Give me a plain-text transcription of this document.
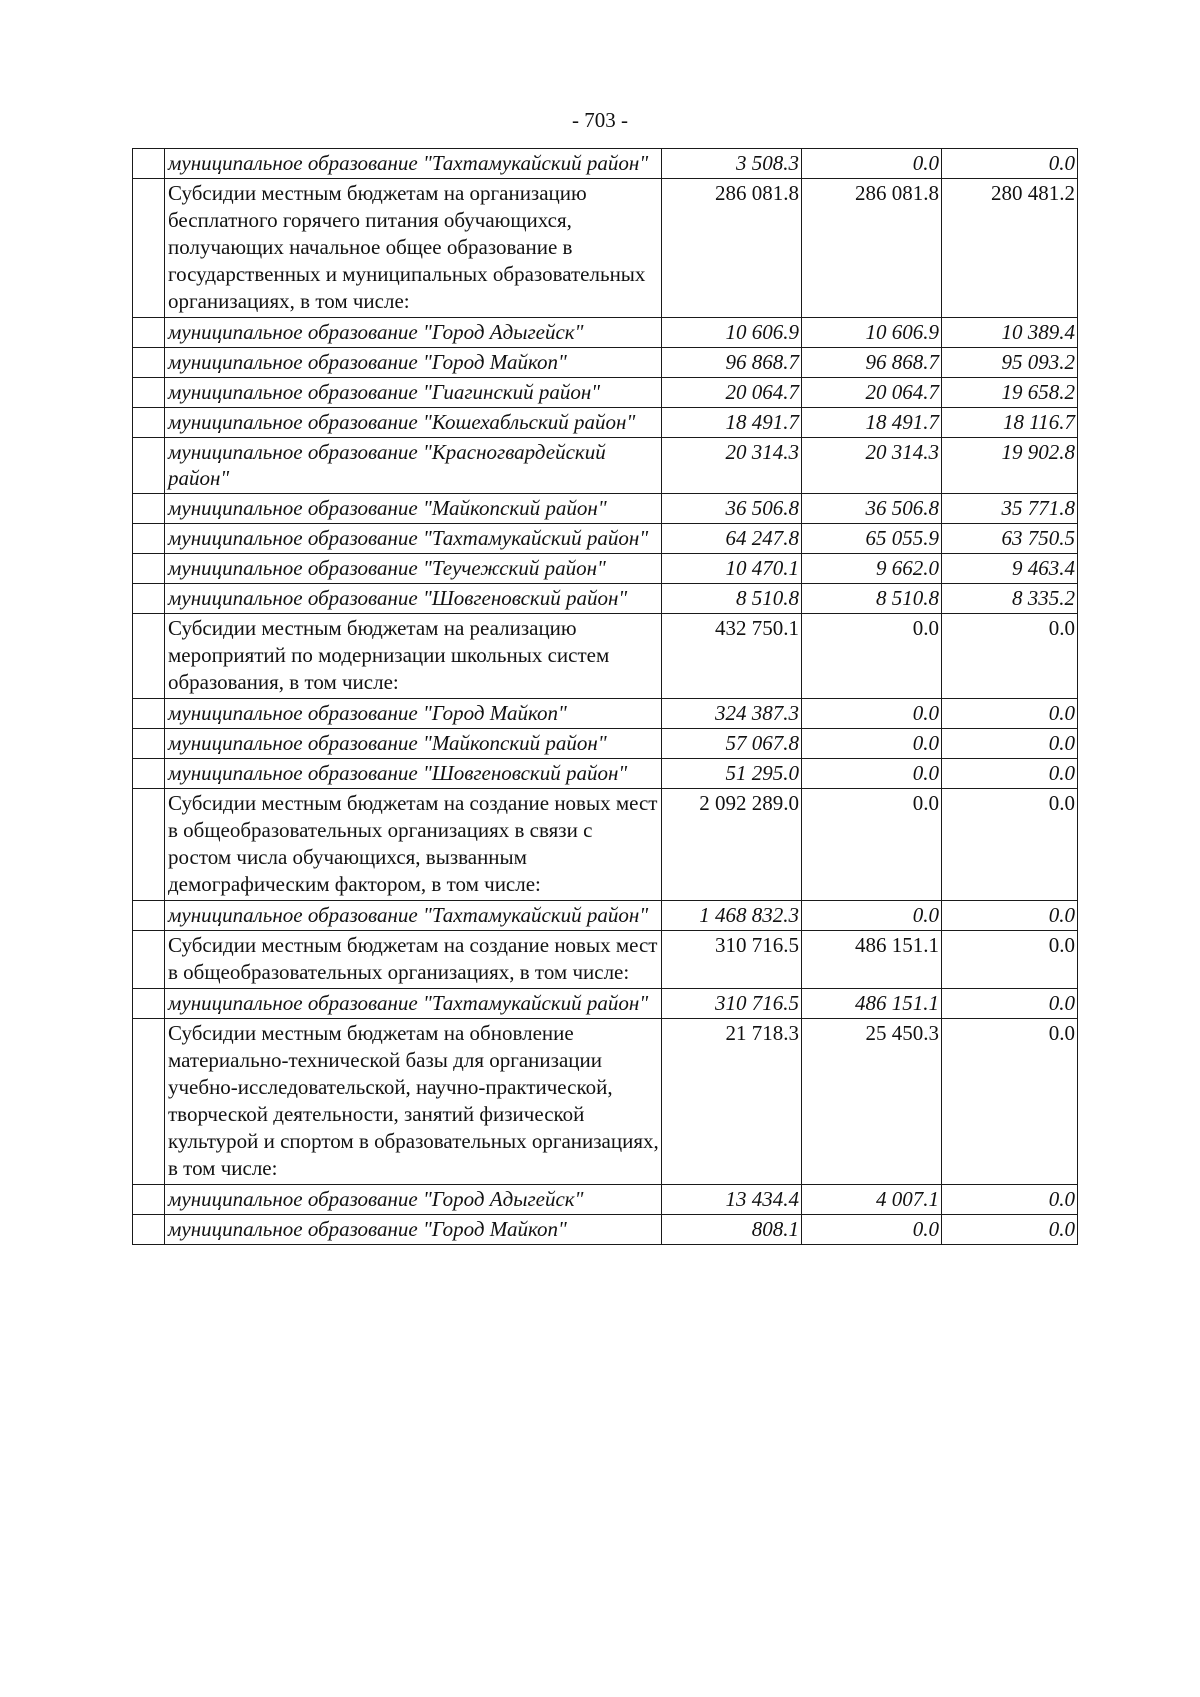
- 703 -
	муниципальное образование "Тахтамукайский район"	3 508.3	0.0	0.0
	Субсидии местным бюджетам на организацию бесплатного горячего питания обучающихся, получающих начальное общее образование в государственных и муниципальных образовательных организациях, в том числе:	286 081.8	286 081.8	280 481.2
	муниципальное образование "Город Адыгейск"	10 606.9	10 606.9	10 389.4
	муниципальное образование "Город Майкоп"	96 868.7	96 868.7	95 093.2
	муниципальное образование "Гиагинский район"	20 064.7	20 064.7	19 658.2
	муниципальное образование "Кошехабльский район"	18 491.7	18 491.7	18 116.7
	муниципальное образование "Красногвардейский район"	20 314.3	20 314.3	19 902.8
	муниципальное образование "Майкопский район"	36 506.8	36 506.8	35 771.8
	муниципальное образование "Тахтамукайский район"	64 247.8	65 055.9	63 750.5
	муниципальное образование "Теучежский район"	10 470.1	9 662.0	9 463.4
	муниципальное образование "Шовгеновский район"	8 510.8	8 510.8	8 335.2
	Субсидии местным бюджетам на реализацию мероприятий по модернизации школьных систем образования, в том числе:	432 750.1	0.0	0.0
	муниципальное образование "Город Майкоп"	324 387.3	0.0	0.0
	муниципальное образование "Майкопский район"	57 067.8	0.0	0.0
	муниципальное образование "Шовгеновский район"	51 295.0	0.0	0.0
	Субсидии местным бюджетам на создание новых мест в общеобразовательных организациях в связи с ростом числа обучающихся, вызванным демографическим фактором, в том числе:	2 092 289.0	0.0	0.0
	муниципальное образование "Тахтамукайский район"	1 468 832.3	0.0	0.0
	Субсидии местным бюджетам на создание новых мест в общеобразовательных организациях, в том числе:	310 716.5	486 151.1	0.0
	муниципальное образование "Тахтамукайский район"	310 716.5	486 151.1	0.0
	Субсидии местным бюджетам на обновление материально-технической базы для организации учебно-исследовательской, научно-практической, творческой деятельности, занятий физической культурой и спортом в образовательных организациях, в том числе:	21 718.3	25 450.3	0.0
	муниципальное образование "Город Адыгейск"	13 434.4	4 007.1	0.0
	муниципальное образование "Город Майкоп"	808.1	0.0	0.0
